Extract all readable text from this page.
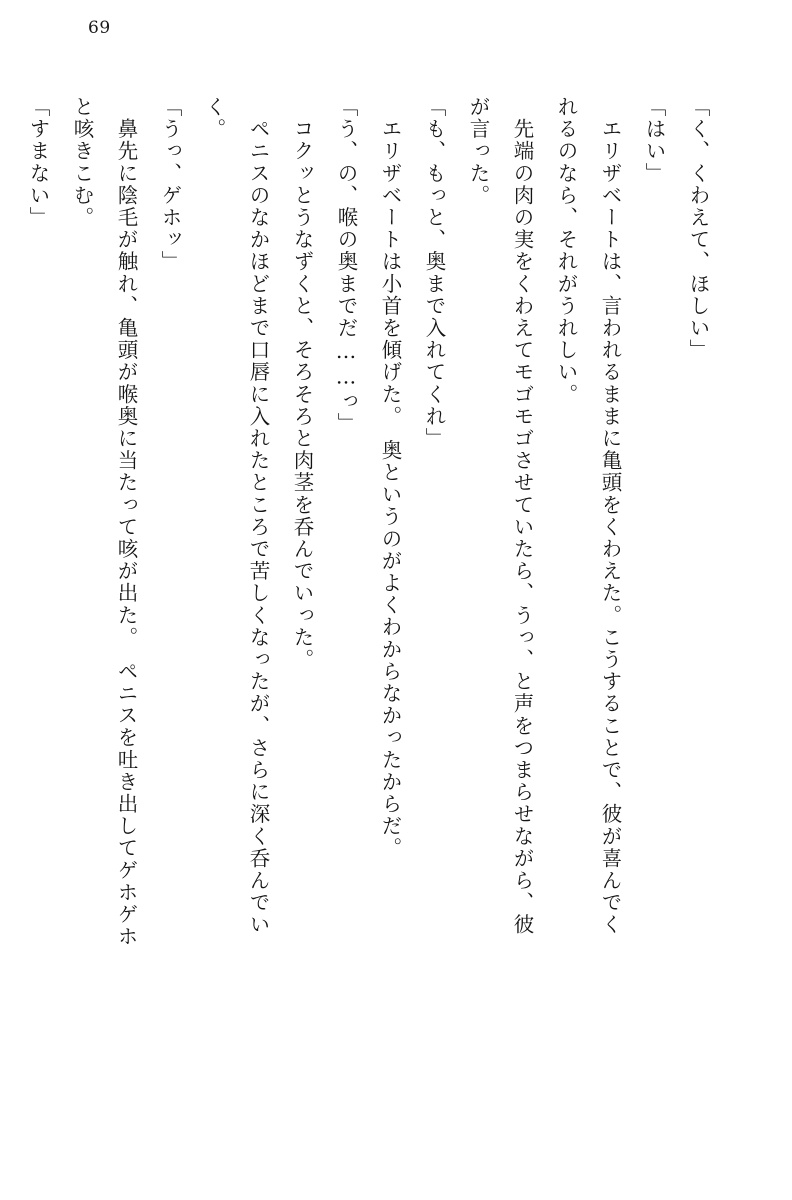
69
「く、くわえて、ほしい」
「はい」
　エリザベートは、言われるままに亀頭をくわえた。こうすることで、彼が喜んでく
れるのなら、それがうれしい。
　先端の肉の実をくわえてモゴモゴさせていたら、うっ、と声をつまらせながら、彼
が言った。
「も、もっと、奥まで入れてくれ」
　エリザベートは小首を傾げた。　奥というのがよくわからなかったからだ。
「う、の、喉の奥までだ……っ」
　コクッとうなずくと、そろそろと肉茎を呑んでいった。
　ペニスのなかほどまで口唇に入れたところで苦しくなったが、さらに深く呑んでい
く。
「うっ、ゲホッ」
　鼻先に陰毛が触れ、亀頭が喉奥に当たって咳が出た。　ペニスを吐き出してゲホゲホ
と咳きこむ。
「すまない」
